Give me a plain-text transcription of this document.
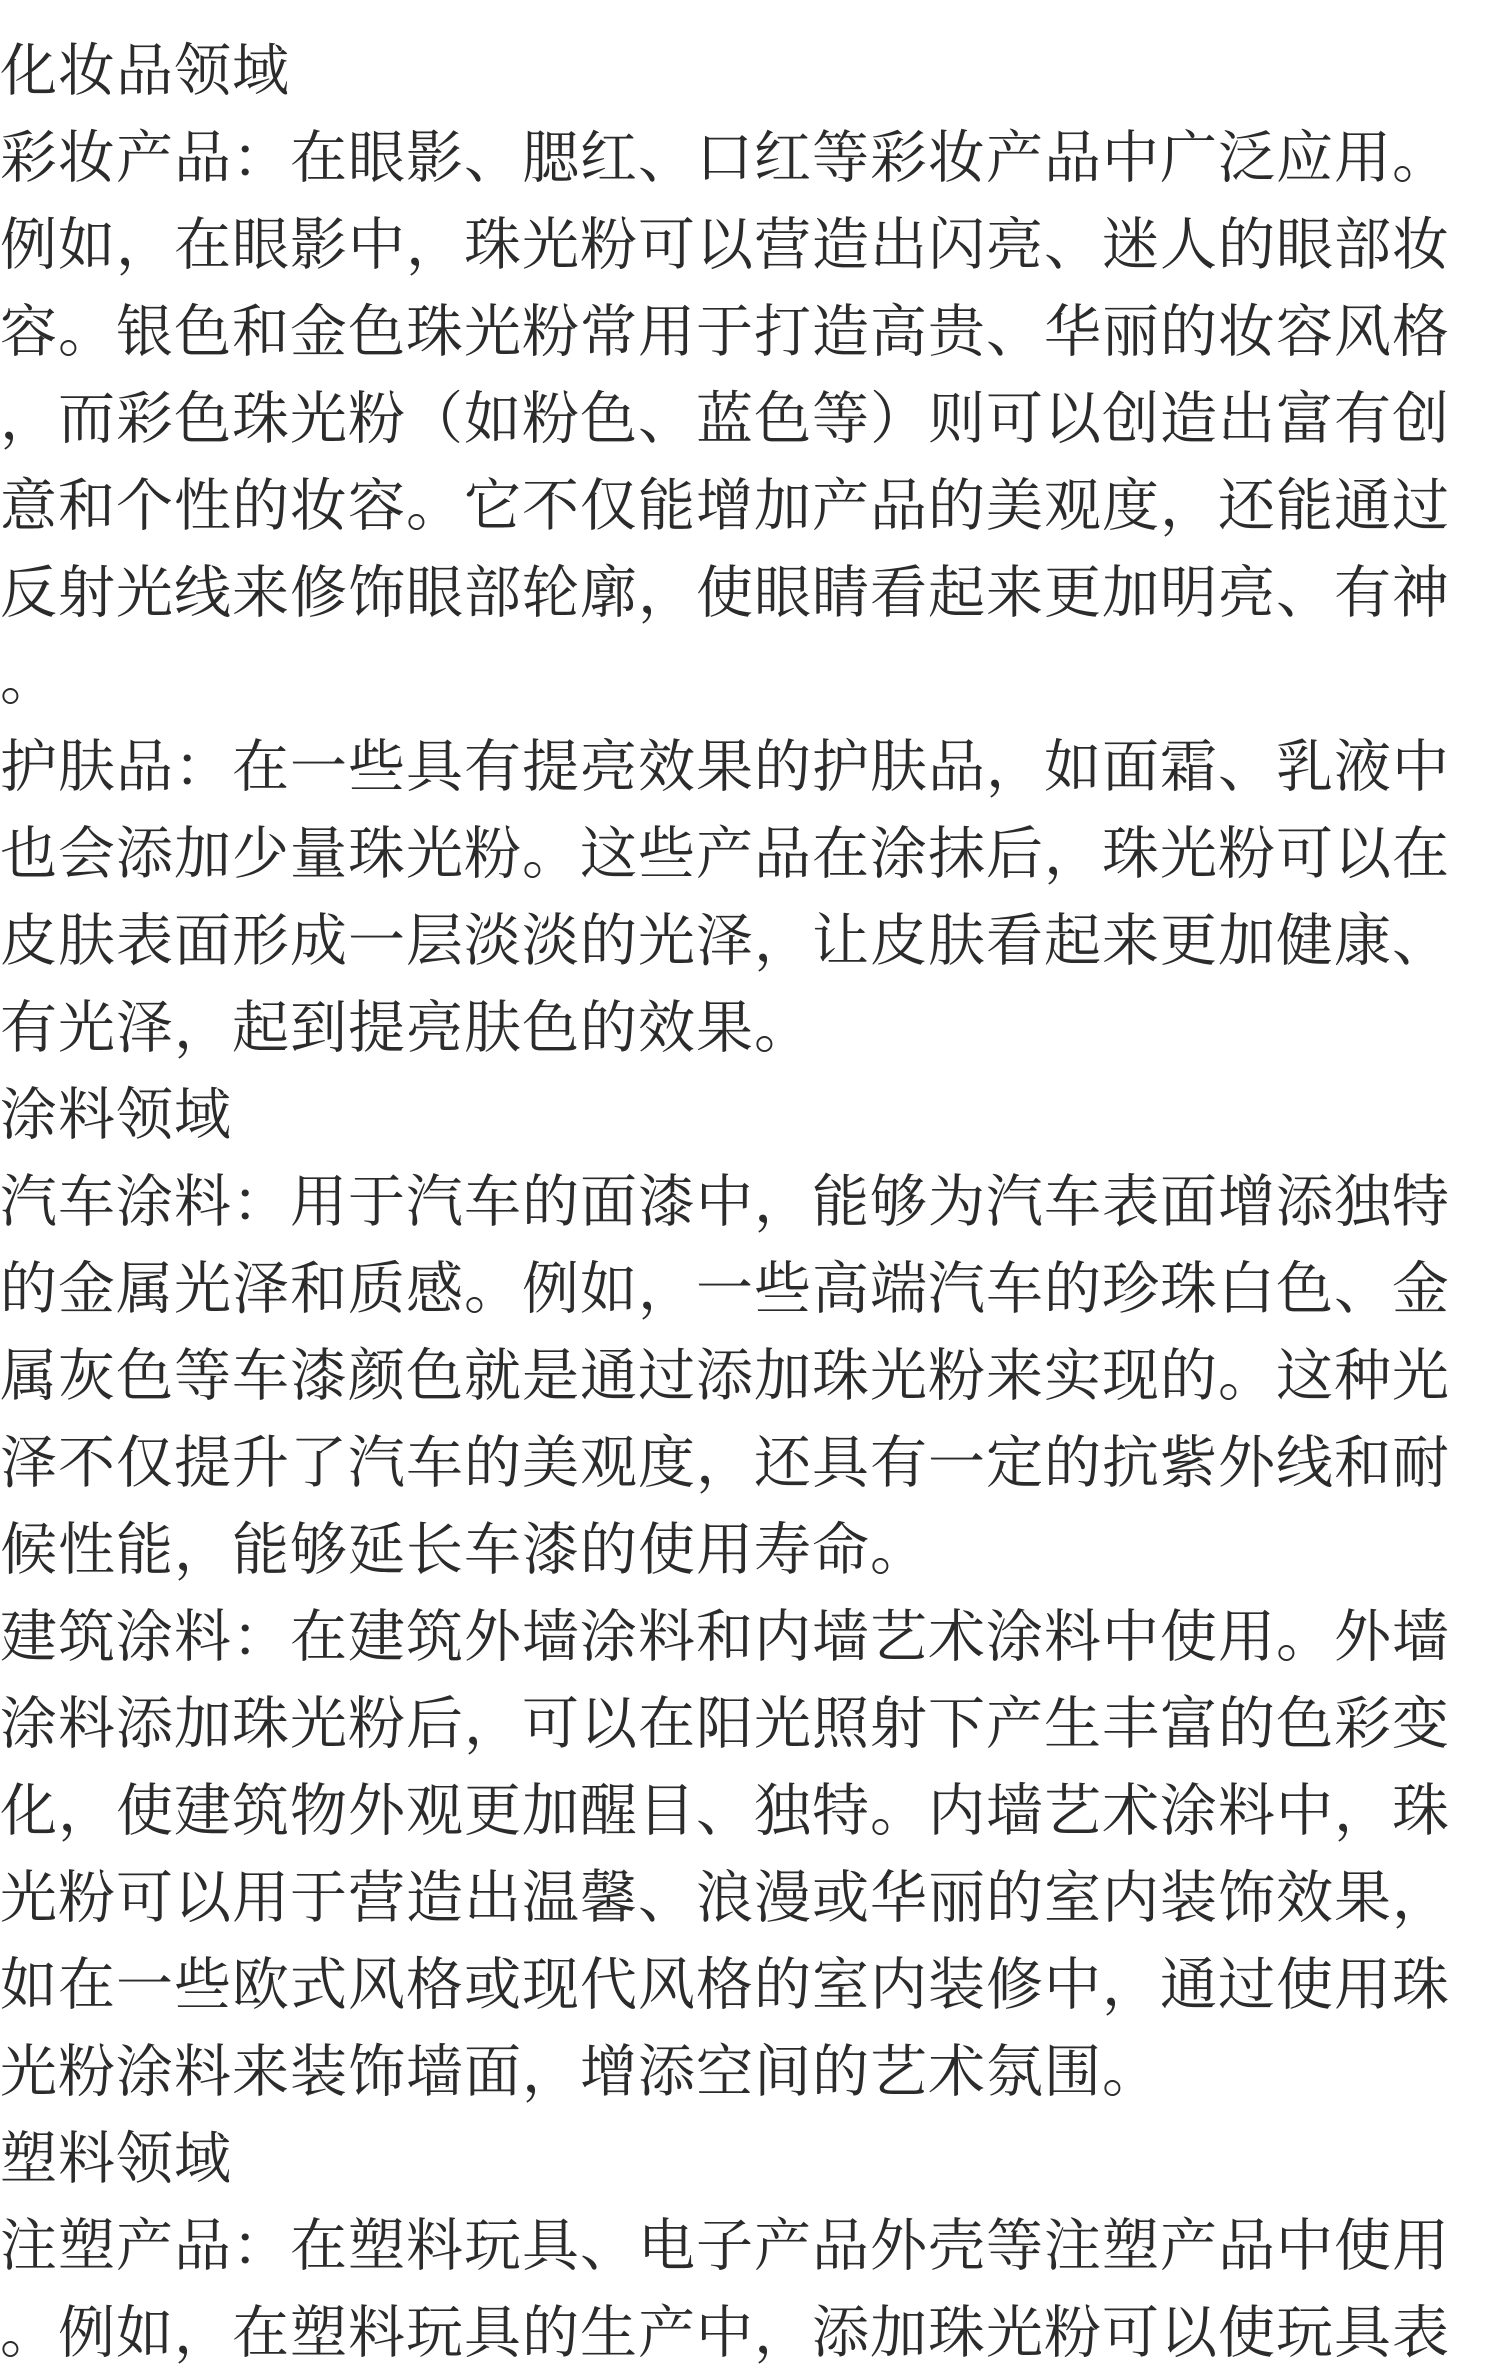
化妆品领域
彩妆产品：在眼影、腮红、口红等彩妆产品中广泛应用。
例如，在眼影中，珠光粉可以营造出闪亮、迷人的眼部妆
容。银色和金色珠光粉常用于打造高贵、华丽的妆容风格
，而彩色珠光粉（如粉色、蓝色等）则可以创造出富有创
意和个性的妆容。它不仅能增加产品的美观度，还能通过
反射光线来修饰眼部轮廓，使眼睛看起来更加明亮、有神
。
护肤品：在一些具有提亮效果的护肤品，如面霜、乳液中
也会添加少量珠光粉。这些产品在涂抹后，珠光粉可以在
皮肤表面形成一层淡淡的光泽，让皮肤看起来更加健康、
有光泽，起到提亮肤色的效果。
涂料领域
汽车涂料：用于汽车的面漆中，能够为汽车表面增添独特
的金属光泽和质感。例如，一些高端汽车的珍珠白色、金
属灰色等车漆颜色就是通过添加珠光粉来实现的。这种光
泽不仅提升了汽车的美观度，还具有一定的抗紫外线和耐
候性能，能够延长车漆的使用寿命。
建筑涂料：在建筑外墙涂料和内墙艺术涂料中使用。外墙
涂料添加珠光粉后，可以在阳光照射下产生丰富的色彩变
化，使建筑物外观更加醒目、独特。内墙艺术涂料中，珠
光粉可以用于营造出温馨、浪漫或华丽的室内装饰效果，
如在一些欧式风格或现代风格的室内装修中，通过使用珠
光粉涂料来装饰墙面，增添空间的艺术氛围。
塑料领域
注塑产品：在塑料玩具、电子产品外壳等注塑产品中使用
。例如，在塑料玩具的生产中，添加珠光粉可以使玩具表
